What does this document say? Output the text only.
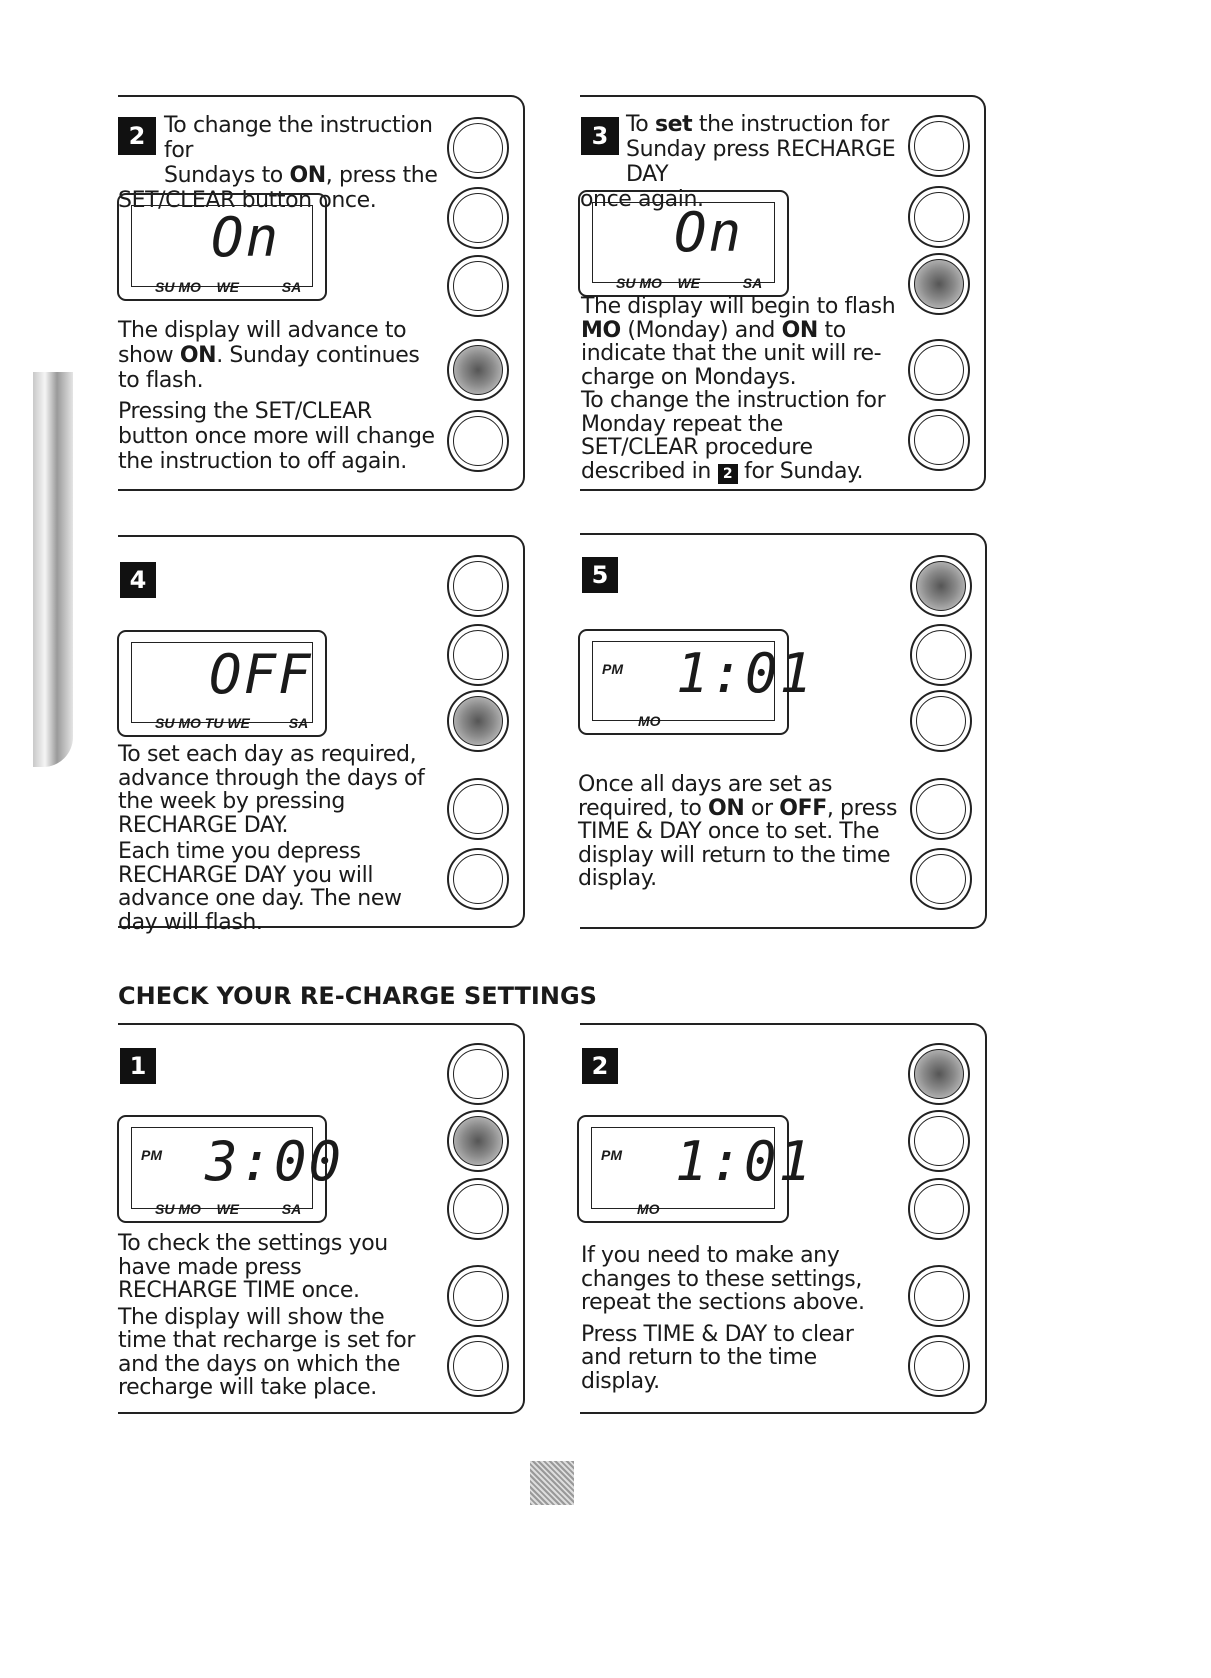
2 To change the instruction for

Sundays to ON, press the

SET/CLEAR button once.

On
SU MO    WE           SA

The display will advance to show ON. Sunday continues to flash.

Pressing the SET/CLEAR button once more will change the instruction to off again.

3 To set the instruction for

Sunday press RECHARGE DAY

once again.

On
SU MO    WE           SA

The display will begin to flash MO (Monday) and ON to indicate that the unit will re-charge on Mondays.

To change the instruction for Monday repeat the SET/CLEAR procedure described in 2 for Sunday.

4
OFF
SU MO TU WE          SA

To set each day as required, advance through the days of the week by pressing RECHARGE DAY.

Each time you depress RECHARGE DAY you will advance one day. The new day will flash.

5
PM 1:01
MO

Once all days are set as required, to ON or OFF, press TIME & DAY once to set. The display will return to the time display.

CHECK YOUR RE-CHARGE SETTINGS
1
PM 3:00
SU MO    WE           SA

To check the settings you have made press RECHARGE TIME once.

The display will show the time that recharge is set for and the days on which the recharge will take place.

2
PM 1:01
MO

If you need to make any changes to these settings, repeat the sections above.

Press TIME & DAY to clear and return to the time display.
